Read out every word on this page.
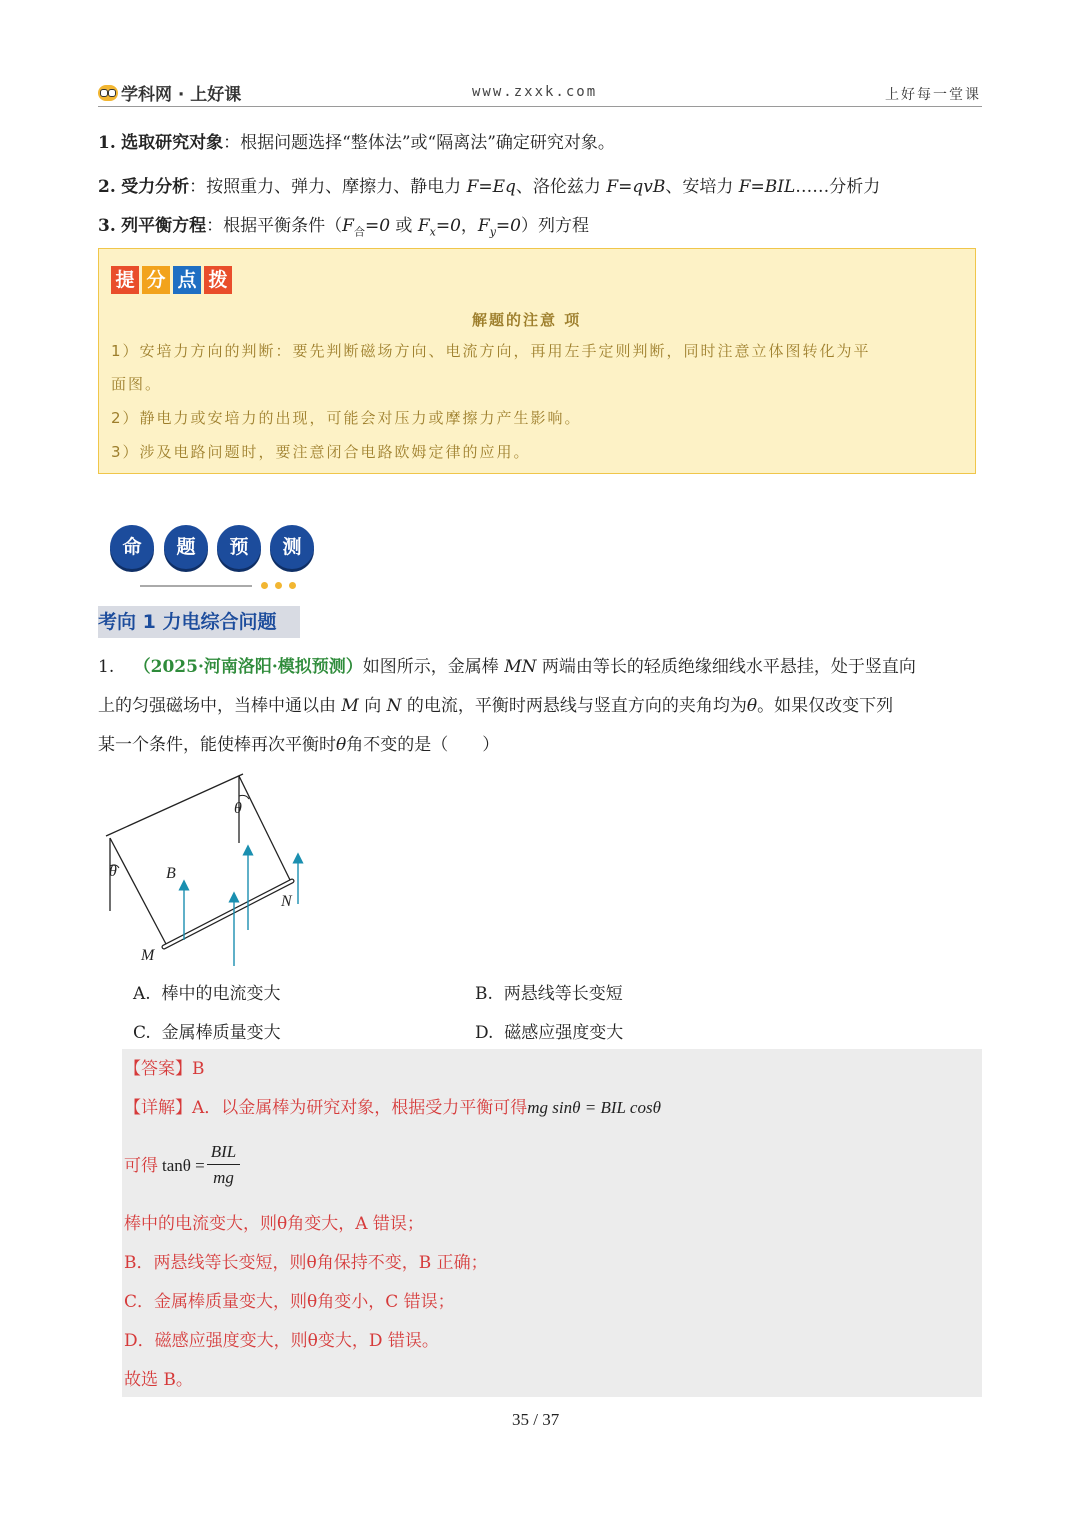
学科网 · 上好课	www.zxxk.com	上好每一堂课
1. 选取研究对象：根据问题选择“整体法”或“隔离法”确定研究对象。
2. 受力分析：按照重力、弹力、摩擦力、静电力 F=Eq、洛伦兹力 F=qvB、安培力 F=BIL……分析力
3. 列平衡方程：根据平衡条件（$F_合=0$ 或 $F_x=0$，$F_y=0$）列方程
提 分 点 拨
解题的注意 项
1）安培力方向的判断：要先判断磁场方向、电流方向，再用左手定则判断，同时注意立体图转化为平
面图。
2）静电力或安培力的出现，可能会对压力或摩擦力产生影响。
3）涉及电路问题时，要注意闭合电路欧姆定律的应用。
命	题	预	测
考向 1 力电综合问题
1. （2025·河南洛阳·模拟预测）如图所示，金属棒 MN 两端由等长的轻质绝缘细线水平悬挂，处于竖直向
上的匀强磁场中，当棒中通以由 M 向 N 的电流，平衡时两悬线与竖直方向的夹角均为θ。如果仅改变下列
某一个条件，能使棒再次平衡时θ角不变的是（　　）
θ
θ
B
M
N
A. 棒中的电流变大	B. 两悬线等长变短
C. 金属棒质量变大	D. 磁感应强度变大
【答案】B
【详解】A．以金属棒为研究对象，根据受力平衡可得mg sinθ = BIL cosθ
可得 $\tan\theta = \frac{\text{BIL}}{mg}$
棒中的电流变大，则θ角变大，A 错误；
B．两悬线等长变短，则θ角保持不变，B 正确；
C．金属棒质量变大，则θ角变小，C 错误；
D．磁感应强度变大，则θ变大，D 错误。
故选 B。
35 / 37
